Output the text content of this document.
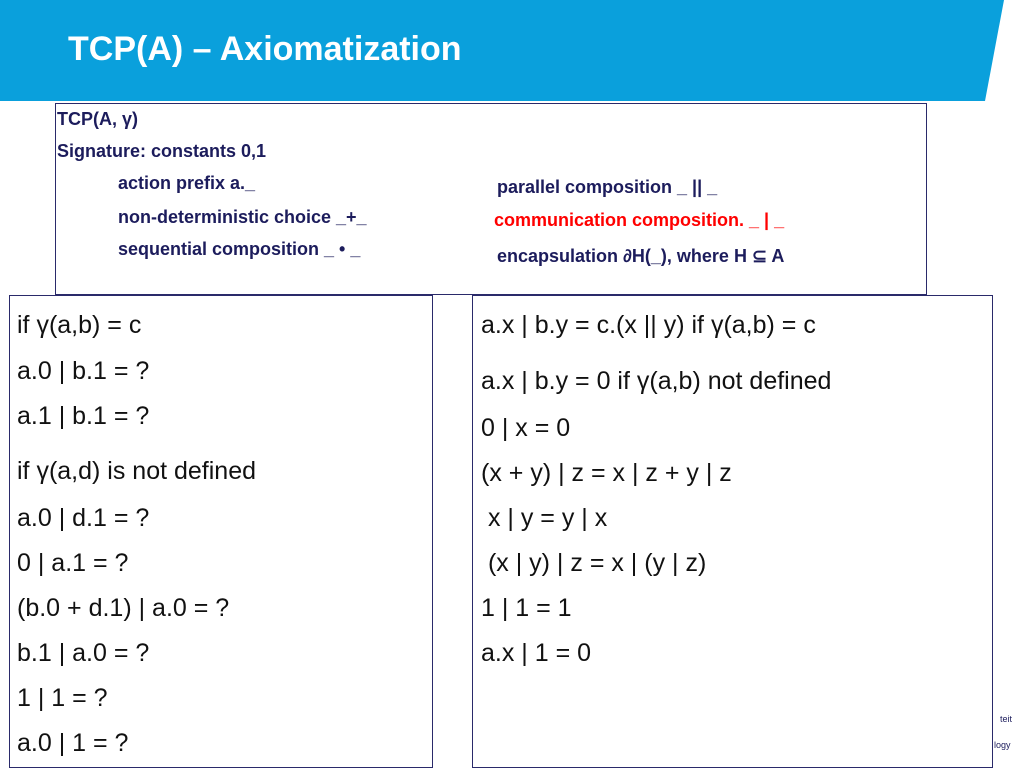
TCP(A) – Axiomatization
TCP(A, γ)
Signature: constants 0,1
action prefix a._
non-deterministic choice _+_
sequential composition _ • _
parallel composition _ || _
communication composition. _ | _
encapsulation ∂H(_), where H ⊆ A
if γ(a,b) = c
a.0 | b.1 = ?
a.1 | b.1 = ?
if γ(a,d) is not defined
a.0 | d.1 = ?
0 | a.1 = ?
(b.0 + d.1) | a.0 = ?
b.1 | a.0 = ?
1 | 1 = ?
a.0 | 1 = ?
a.x | b.y = c.(x || y) if γ(a,b) = c
a.x | b.y = 0 if γ(a,b) not defined
0 | x = 0
(x + y) | z = x | z + y | z
x | y = y | x
(x | y) | z = x | (y | z)
1 | 1 = 1
a.x | 1 = 0
teit
logy
